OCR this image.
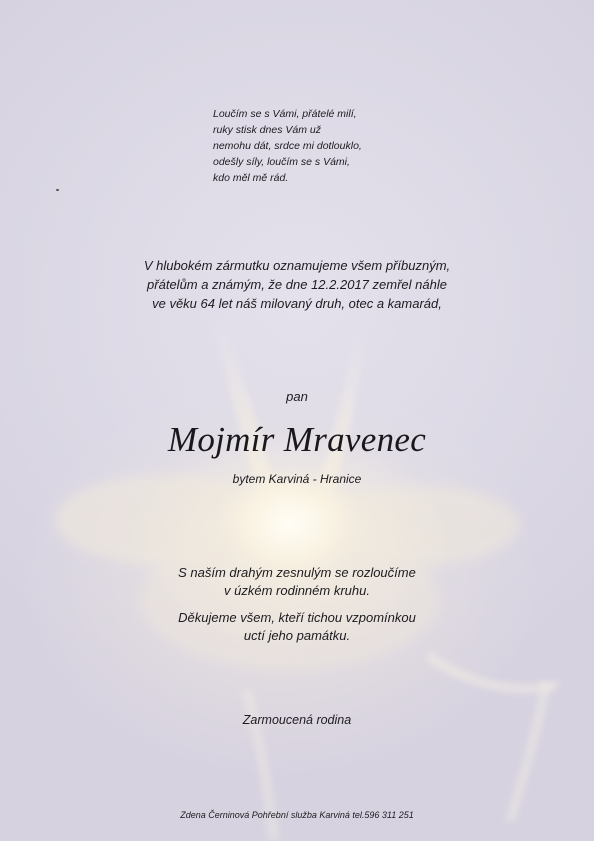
Loučím se s Vámi, přátelé milí,
ruky stisk dnes Vám už
nemohu dát, srdce mi dotlouklo,
odešly síly, loučím se s Vámi,
kdo měl mě rád.
V hlubokém zármutku oznamujeme všem příbuzným,
přátelům a známým, že dne 12.2.2017 zemřel náhle
ve věku 64 let náš milovaný druh, otec a kamarád,
pan
Mojmír Mravenec
bytem Karviná - Hranice
S naším drahým zesnulým se rozloučíme
v úzkém rodinném kruhu.
Děkujeme všem, kteří tichou vzpomínkou
uctí jeho památku.
Zarmoucená rodina
Zdena Černinová Pohřební služba Karviná tel.596 311 251
